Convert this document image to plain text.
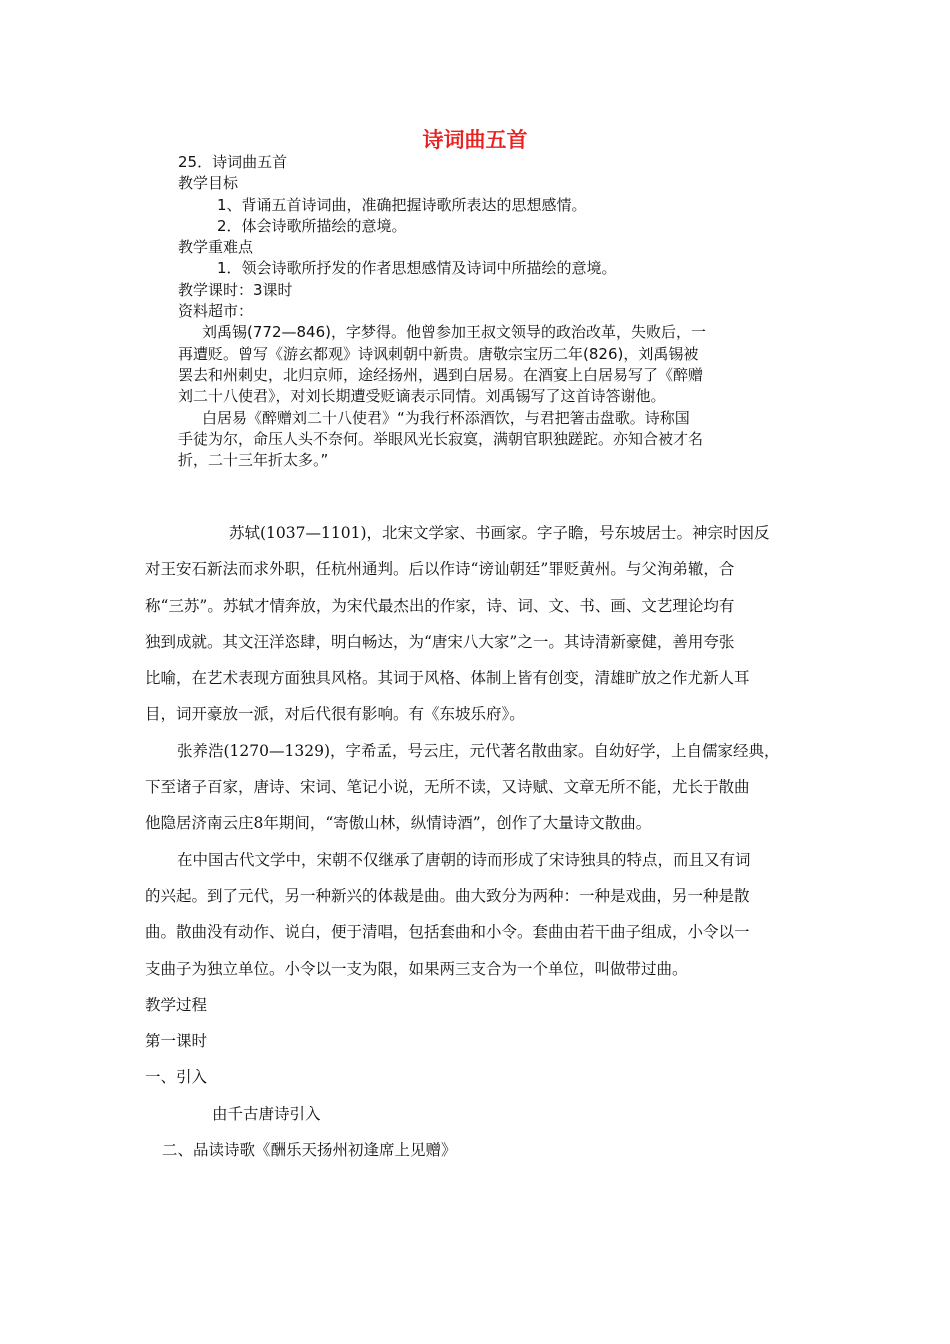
诗词曲五首
25．诗词曲五首
教学目标
1、背诵五首诗词曲，准确把握诗歌所表达的思想感情。
2．体会诗歌所描绘的意境。
教学重难点
1．领会诗歌所抒发的作者思想感情及诗词中所描绘的意境。
教学课时：3课时
资料超市：
刘禹锡(772—846)，字梦得。他曾参加王叔文领导的政治改革，失败后，一
再遭贬。曾写《游玄都观》诗讽刺朝中新贵。唐敬宗宝历二年(826)，刘禹锡被
罢去和州刺史，北归京师，途经扬州，遇到白居易。在酒宴上白居易写了《醉赠
刘二十八使君》，对刘长期遭受贬谪表示同情。刘禹锡写了这首诗答谢他。
白居易《醉赠刘二十八使君》“为我行杯添酒饮，与君把箸击盘歌。诗称国
手徒为尔，命压人头不奈何。举眼风光长寂寞，满朝官职独蹉跎。亦知合被才名
折，二十三年折太多。”
苏轼(1037—1101)，北宋文学家、书画家。字子瞻，号东坡居士。神宗时因反
对王安石新法而求外职，任杭州通判。后以作诗“谤讪朝廷”罪贬黄州。与父洵弟辙，合
称“三苏”。苏轼才情奔放，为宋代最杰出的作家，诗、词、文、书、画、文艺理论均有
独到成就。其文汪洋恣肆，明白畅达，为“唐宋八大家”之一。其诗清新豪健，善用夸张
比喻，在艺术表现方面独具风格。其词于风格、体制上皆有创变，清雄旷放之作尤新人耳
目，词开豪放一派，对后代很有影响。有《东坡乐府》。
张养浩(1270—1329)，字希孟，号云庄，元代著名散曲家。自幼好学，上自儒家经典，
下至诸子百家，唐诗、宋词、笔记小说，无所不读，又诗赋、文章无所不能，尤长于散曲
他隐居济南云庄8年期间，“寄傲山林，纵情诗酒”，创作了大量诗文散曲。
在中国古代文学中，宋朝不仅继承了唐朝的诗而形成了宋诗独具的特点，而且又有词
的兴起。到了元代，另一种新兴的体裁是曲。曲大致分为两种：一种是戏曲，另一种是散
曲。散曲没有动作、说白，便于清唱，包括套曲和小令。套曲由若干曲子组成，小令以一
支曲子为独立单位。小令以一支为限，如果两三支合为一个单位，叫做带过曲。
教学过程
第一课时
一、引入
由千古唐诗引入
二、品读诗歌《酬乐天扬州初逢席上见赠》
